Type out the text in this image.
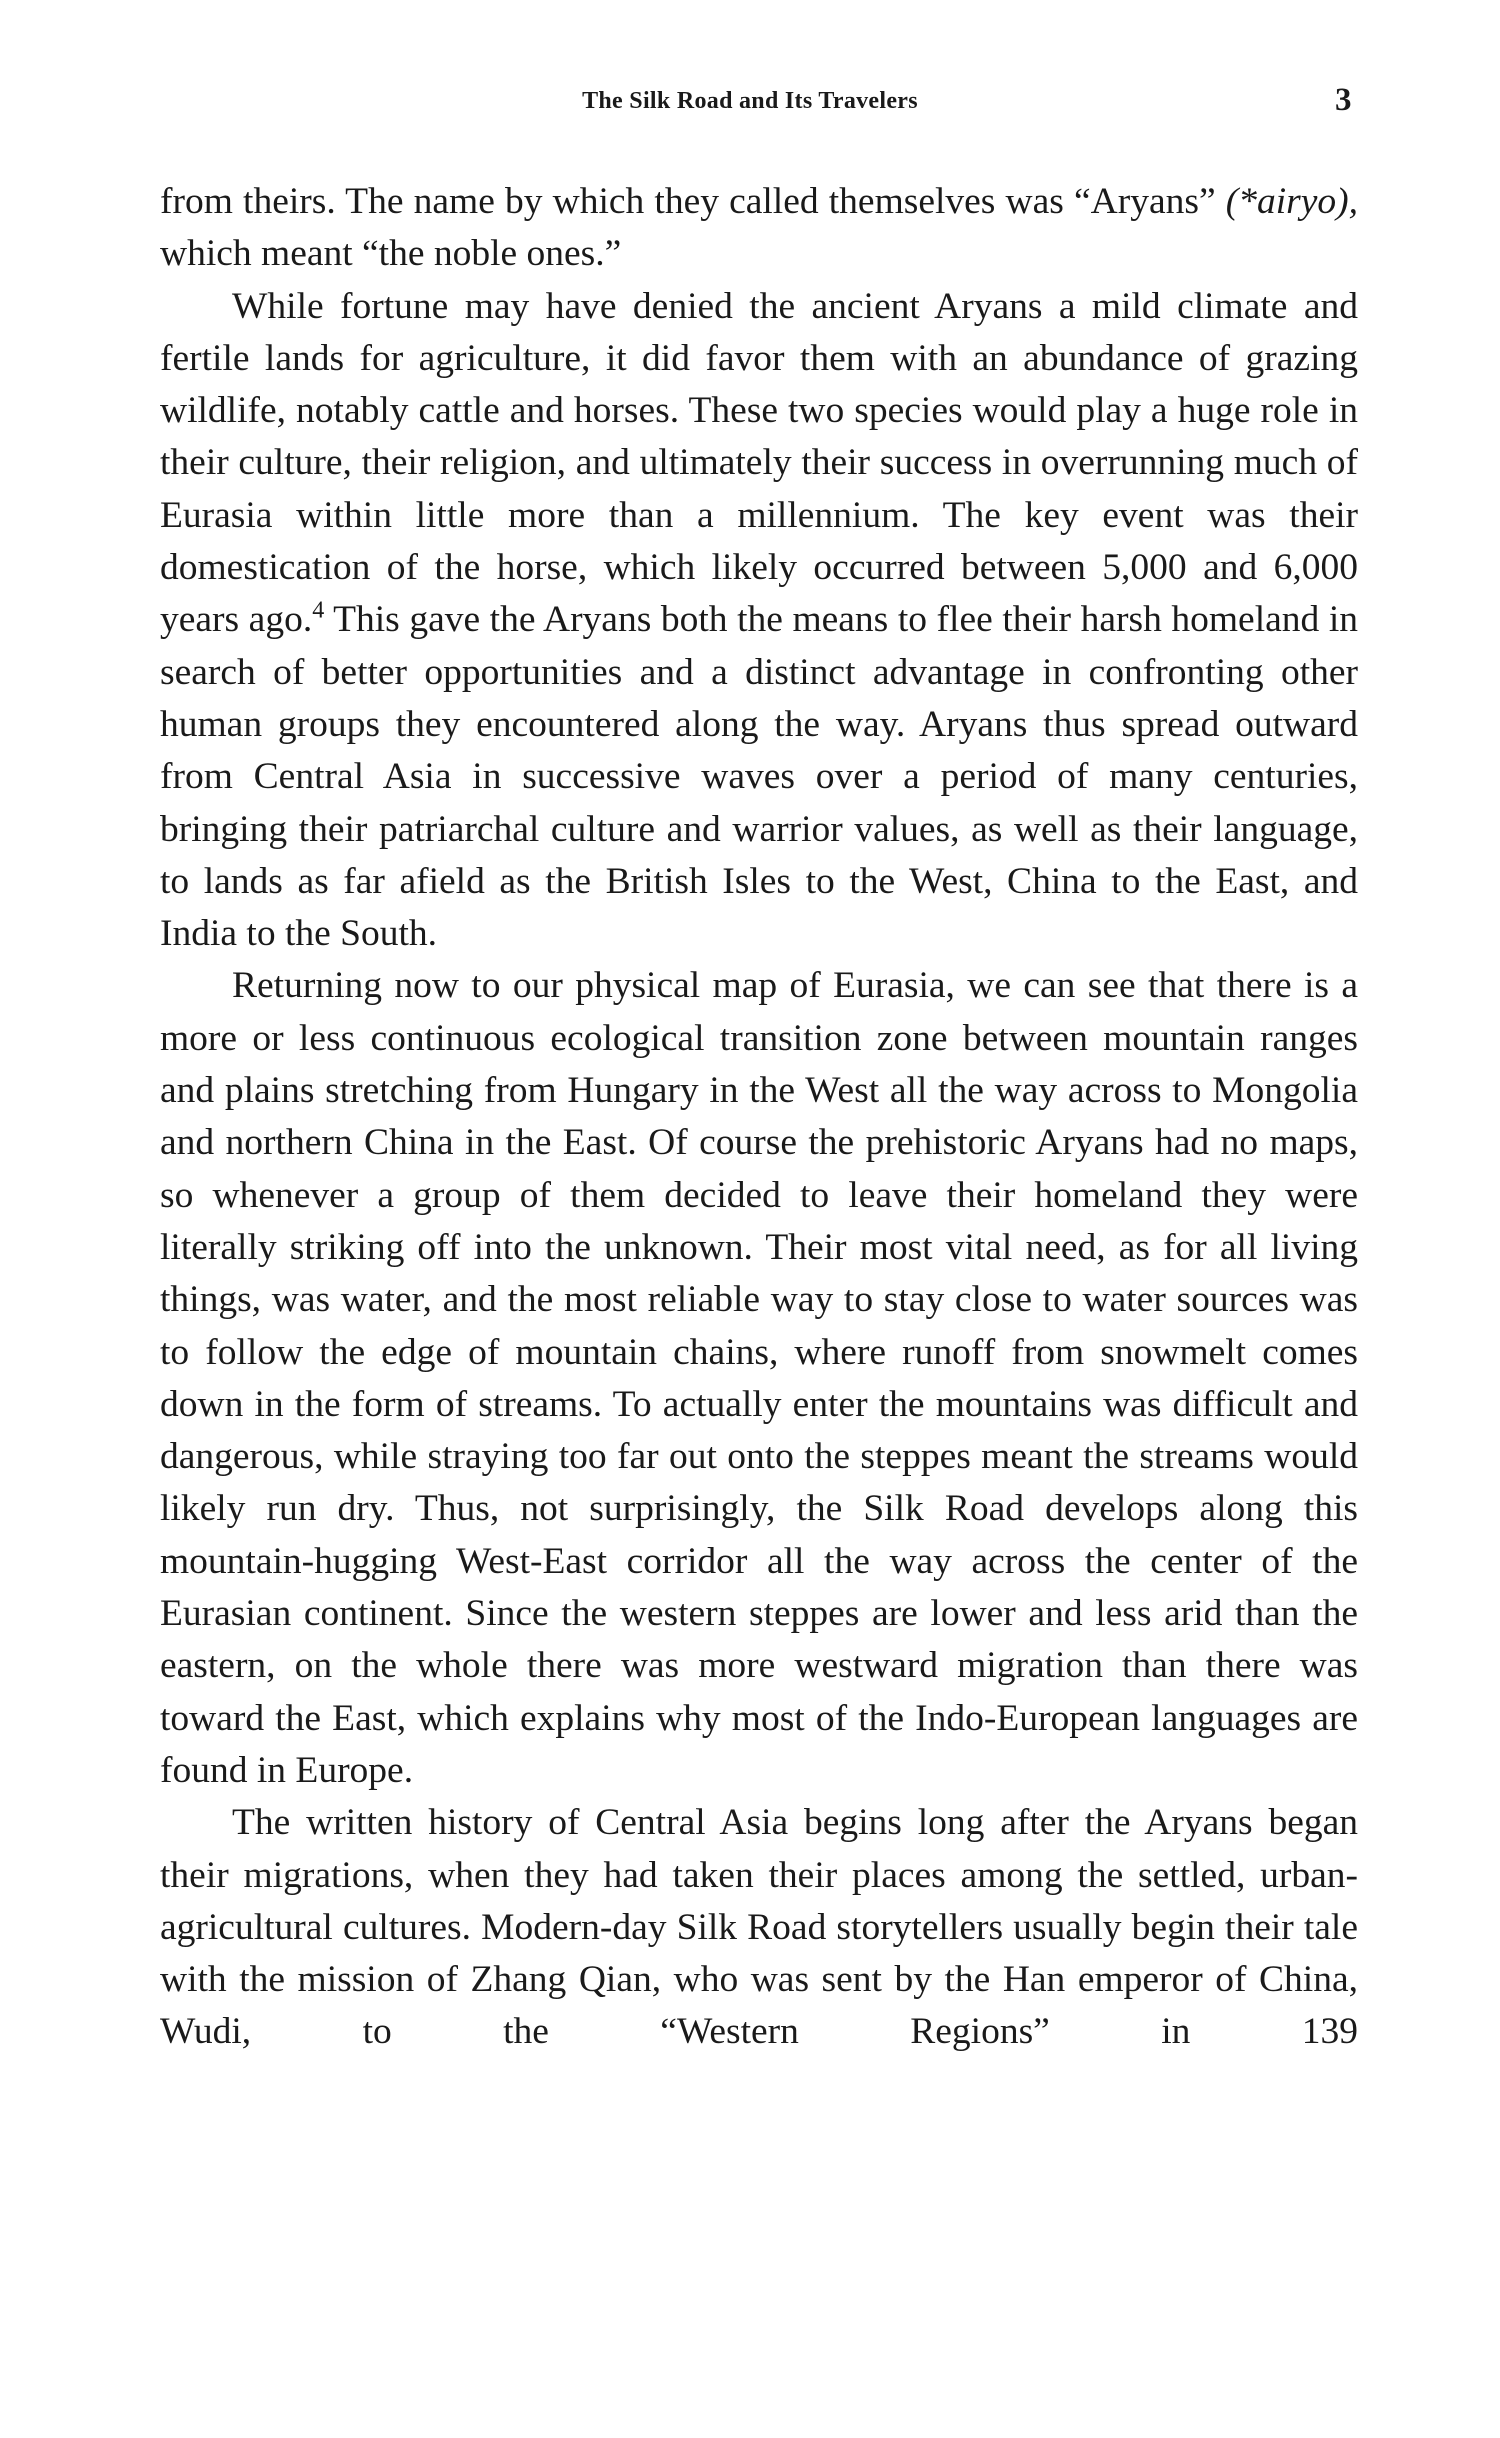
The Silk Road and Its Travelers	3

from theirs. The name by which they called themselves was “Aryans” (*airyo), which meant “the noble ones.”

While fortune may have denied the ancient Aryans a mild climate and fertile lands for agriculture, it did favor them with an abundance of grazing wildlife, notably cattle and horses. These two species would play a huge role in their culture, their religion, and ultimately their success in overrunning much of Eurasia within little more than a millennium. The key event was their domestication of the horse, which likely occurred between 5,000 and 6,000 years ago.$^4$ This gave the Aryans both the means to flee their harsh homeland in search of better opportunities and a distinct advantage in confronting other human groups they encountered along the way. Aryans thus spread outward from Central Asia in successive waves over a period of many centuries, bringing their patriarchal culture and warrior values, as well as their language, to lands as far afield as the British Isles to the West, China to the East, and India to the South.

Returning now to our physical map of Eurasia, we can see that there is a more or less continuous ecological transition zone between mountain ranges and plains stretching from Hungary in the West all the way across to Mongolia and northern China in the East. Of course the prehistoric Aryans had no maps, so whenever a group of them decided to leave their homeland they were literally striking off into the unknown. Their most vital need, as for all living things, was water, and the most reliable way to stay close to water sources was to follow the edge of mountain chains, where runoff from snowmelt comes down in the form of streams. To actually enter the mountains was difficult and dangerous, while straying too far out onto the steppes meant the streams would likely run dry. Thus, not surprisingly, the Silk Road develops along this mountain-hugging West-East corridor all the way across the center of the Eurasian continent. Since the western steppes are lower and less arid than the eastern, on the whole there was more westward migration than there was toward the East, which explains why most of the Indo-European languages are found in Europe.

The written history of Central Asia begins long after the Aryans began their migrations, when they had taken their places among the settled, urban-agricultural cultures. Modern-day Silk Road storytellers usually begin their tale with the mission of Zhang Qian, who was sent by the Han emperor of China, Wudi, to the “Western Regions” in 139
